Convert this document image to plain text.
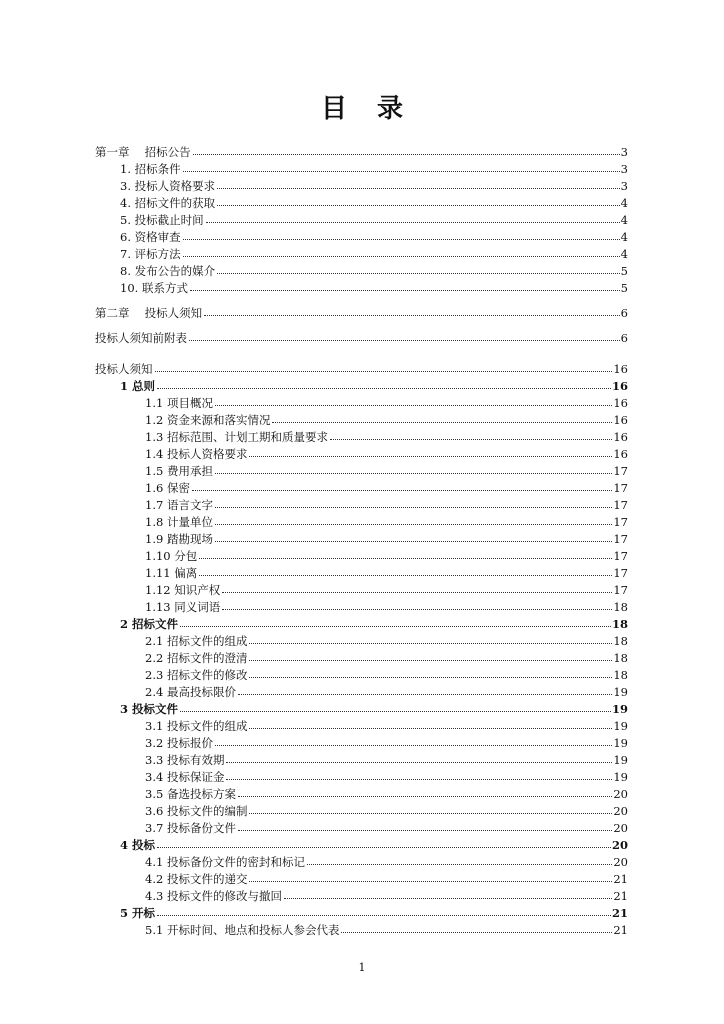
目 录
第一章　 招标公告	3
1. 招标条件	3
3. 投标人资格要求	3
4. 招标文件的获取	4
5. 投标截止时间	4
6. 资格审查	4
7. 评标方法	4
8. 发布公告的媒介	5
10. 联系方式	5
第二章　 投标人须知	6
投标人须知前附表	6
投标人须知	16
1 总则	16
1.1 项目概况	16
1.2 资金来源和落实情况	16
1.3 招标范围、计划工期和质量要求	16
1.4 投标人资格要求	16
1.5 费用承担	17
1.6 保密	17
1.7 语言文字	17
1.8 计量单位	17
1.9 踏勘现场	17
1.10 分包	17
1.11 偏离	17
1.12 知识产权	17
1.13 同义词语	18
2 招标文件	18
2.1 招标文件的组成	18
2.2 招标文件的澄清	18
2.3 招标文件的修改	18
2.4 最高投标限价	19
3 投标文件	19
3.1 投标文件的组成	19
3.2 投标报价	19
3.3 投标有效期	19
3.4 投标保证金	19
3.5 备选投标方案	20
3.6 投标文件的编制	20
3.7 投标备份文件	20
4 投标	20
4.1 投标备份文件的密封和标记	20
4.2 投标文件的递交	21
4.3 投标文件的修改与撤回	21
5 开标	21
5.1 开标时间、地点和投标人参会代表	21
1
